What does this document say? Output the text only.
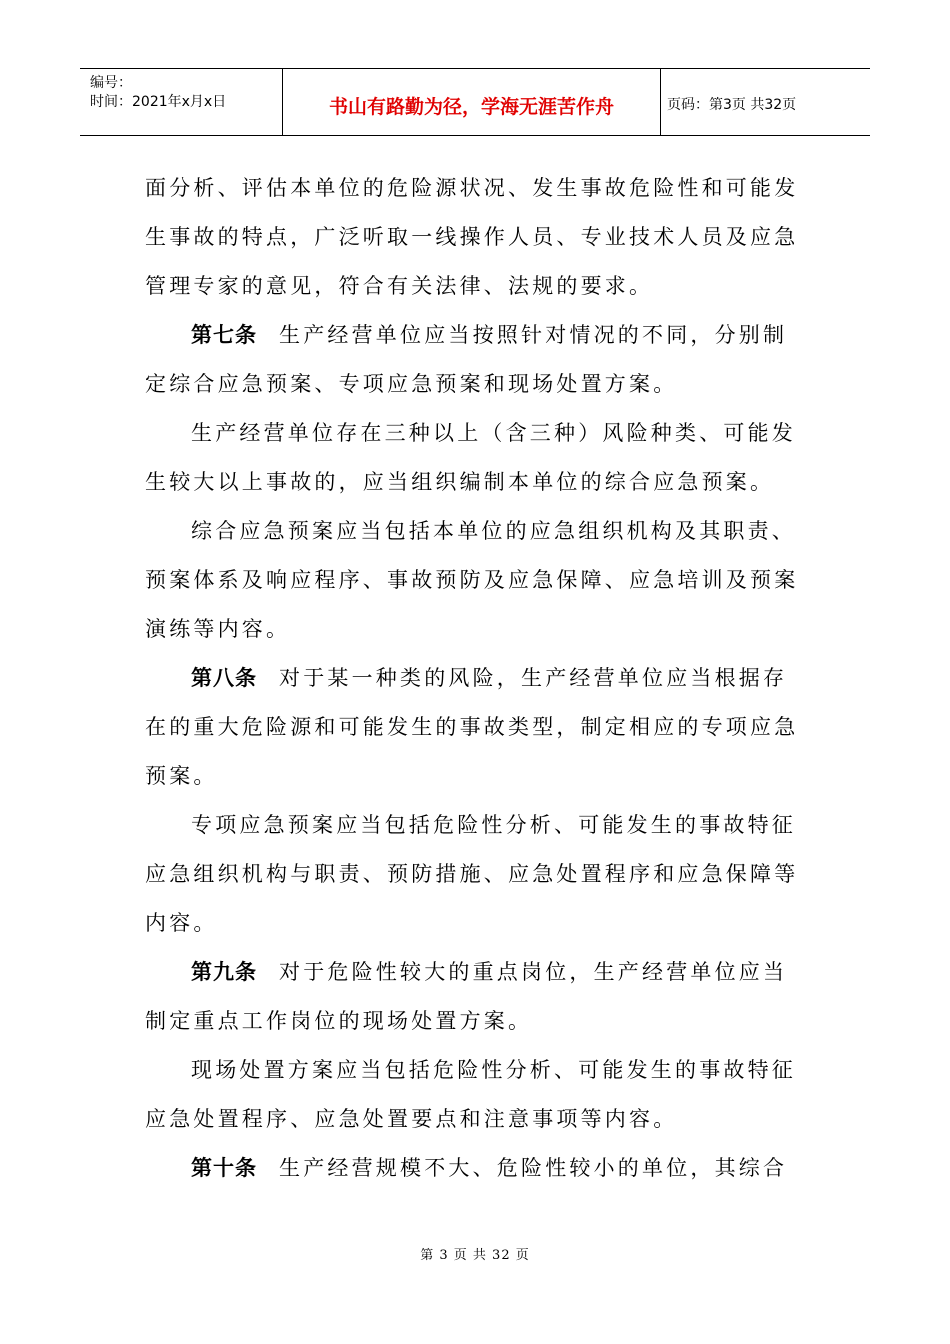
编号：
时间：2021年x月x日	书山有路勤为径，学海无涯苦作舟	页码：第3页 共32页

面分析、评估本单位的危险源状况、发生事故危险性和可能发生事故的特点，广泛听取一线操作人员、专业技术人员及应急管理专家的意见，符合有关法律、法规的要求。

第七条 生产经营单位应当按照针对情况的不同，分别制定综合应急预案、专项应急预案和现场处置方案。

生产经营单位存在三种以上（含三种）风险种类、可能发生较大以上事故的，应当组织编制本单位的综合应急预案。

综合应急预案应当包括本单位的应急组织机构及其职责、预案体系及响应程序、事故预防及应急保障、应急培训及预案演练等内容。

第八条 对于某一种类的风险，生产经营单位应当根据存在的重大危险源和可能发生的事故类型，制定相应的专项应急预案。

专项应急预案应当包括危险性分析、可能发生的事故特征应急组织机构与职责、预防措施、应急处置程序和应急保障等内容。

第九条 对于危险性较大的重点岗位，生产经营单位应当制定重点工作岗位的现场处置方案。

现场处置方案应当包括危险性分析、可能发生的事故特征应急处置程序、应急处置要点和注意事项等内容。

第十条 生产经营规模不大、危险性较小的单位，其综合

第 3 页 共 32 页
